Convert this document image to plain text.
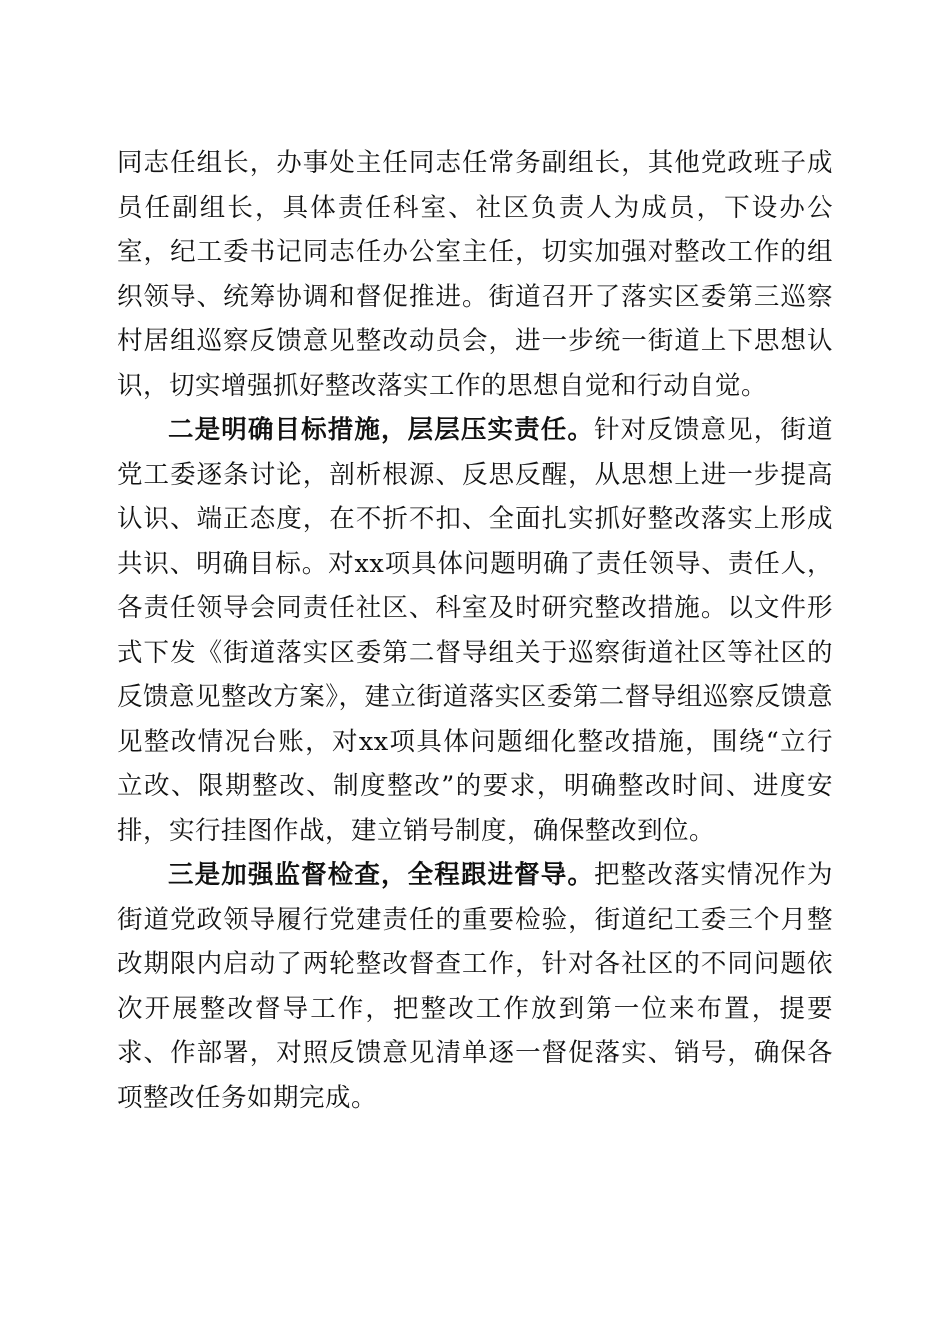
同志任组长，办事处主任同志任常务副组长，其他党政班子成员任副组长，具体责任科室、社区负责人为成员，下设办公室，纪工委书记同志任办公室主任，切实加强对整改工作的组织领导、统筹协调和督促推进。街道召开了落实区委第三巡察村居组巡察反馈意见整改动员会，进一步统一街道上下思想认识，切实增强抓好整改落实工作的思想自觉和行动自觉。

二是明确目标措施，层层压实责任。针对反馈意见，街道党工委逐条讨论，剖析根源、反思反醒，从思想上进一步提高认识、端正态度，在不折不扣、全面扎实抓好整改落实上形成共识、明确目标。对xx项具体问题明确了责任领导、责任人，各责任领导会同责任社区、科室及时研究整改措施。以文件形式下发《街道落实区委第二督导组关于巡察街道社区等社区的反馈意见整改方案》，建立街道落实区委第二督导组巡察反馈意见整改情况台账，对xx项具体问题细化整改措施，围绕“立行立改、限期整改、制度整改”的要求，明确整改时间、进度安排，实行挂图作战，建立销号制度，确保整改到位。

三是加强监督检查，全程跟进督导。把整改落实情况作为街道党政领导履行党建责任的重要检验，街道纪工委三个月整改期限内启动了两轮整改督查工作，针对各社区的不同问题依次开展整改督导工作，把整改工作放到第一位来布置，提要求、作部署，对照反馈意见清单逐一督促落实、销号，确保各项整改任务如期完成。
